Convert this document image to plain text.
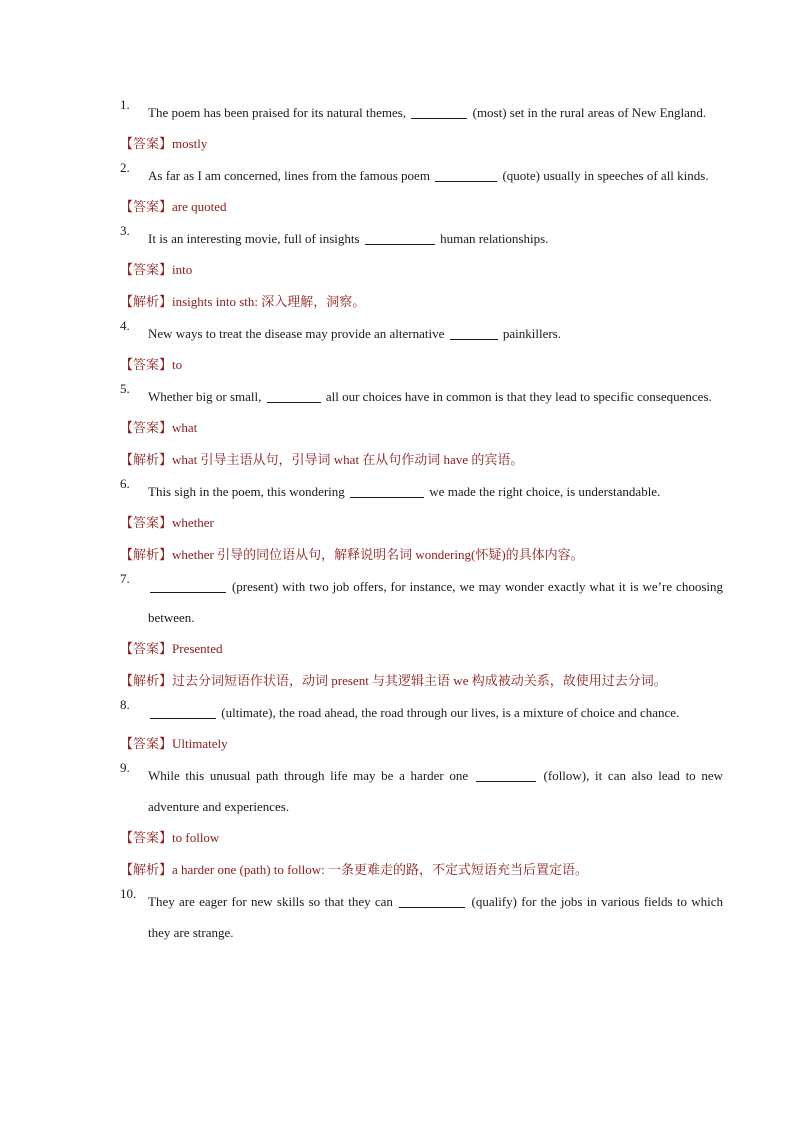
1.
The poem has been praised for its natural themes,	(most) set in the rural areas of New England.

【答案】mostly

2.
As far as I am concerned, lines from the famous poem	(quote) usually in speeches of all kinds.

【答案】are quoted

3.
It is an interesting movie, full of insights	human relationships.

【答案】into

【解析】insights into sth: 深入理解，洞察。

4.
New ways to treat the disease may provide an alternative	painkillers.

【答案】to

5.
Whether big or small,	all our choices have in common is that they lead to specific consequences.

【答案】what

【解析】what 引导主语从句，引导词 what 在从句作动词 have 的宾语。

6.
This sigh in the poem, this wondering	we made the right choice, is understandable.

【答案】whether

【解析】whether 引导的同位语从句，解释说明名词 wondering(怀疑)的具体内容。

7.
(present) with two job offers, for instance, we may wonder exactly what it is we’re choosing between.

【答案】Presented

【解析】过去分词短语作状语，动词 present 与其逻辑主语 we 构成被动关系，故使用过去分词。

8.
(ultimate), the road ahead, the road through our lives, is a mixture of choice and chance.

【答案】Ultimately

9.
While this unusual path through life may be a harder one	(follow), it can also lead to new adventure and experiences.

【答案】to follow

【解析】a harder one (path) to follow: 一条更难走的路，不定式短语充当后置定语。

10.
They are eager for new skills so that they can	(qualify) for the jobs in various fields to which they are strange.
